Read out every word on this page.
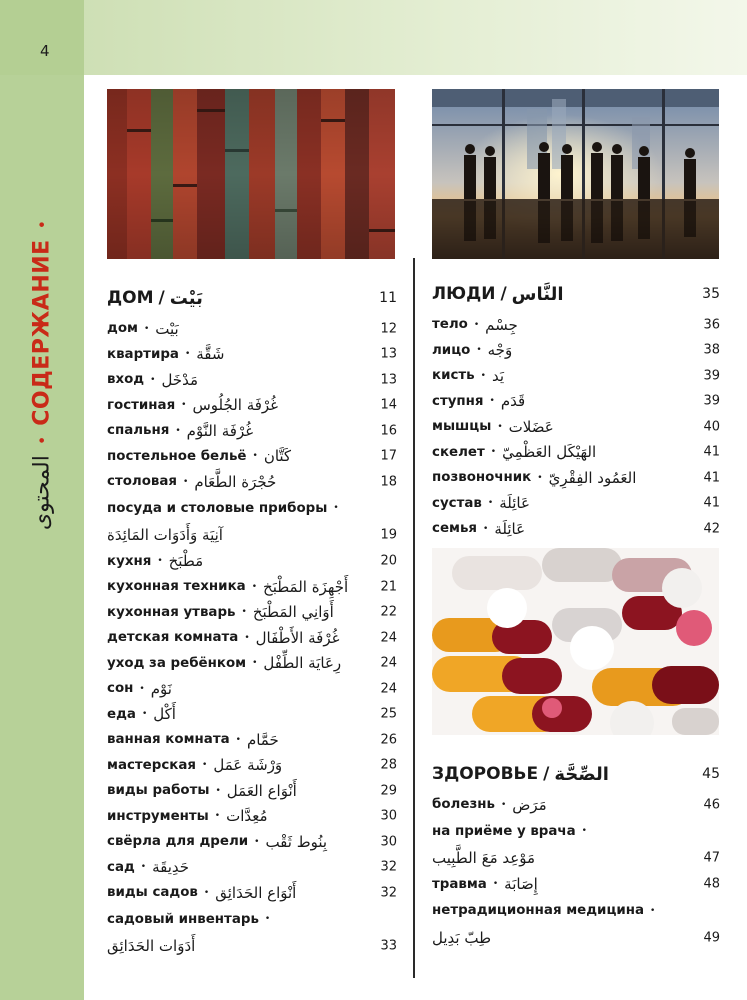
4
المحتوى
•
СОДЕРЖАНИЕ
•
ДОМ / بَيْت	11
дом • بَيْت	12
квартира • شَقَّة	13
вход • مَدْخَل	13
гостиная • غُرْفَة الجُلُوس	14
спальня • غُرْفَة النَّوْم	16
постельное бельё • كَتَّان	17
столовая • حُجْرَة الطَّعَام	18
посуда и столовые приборы •
آنِيَة وَأَدَوَات المَائِدَة	19
кухня • مَطْبَخ	20
кухонная техника • أَجْهِزَة المَطْبَخ 21
кухонная утварь • أَوَانِي المَطْبَخ	22
детская комната • غُرْفَة الأَطْفَال	24
уход за ребёнком • رِعَايَة الطِّفْل	24
сон • نَوْم	24
еда • أَكْل	25
ванная комната • حَمَّام	26
мастерская • وَرْشَة عَمَل	28
виды работы • أَنْوَاع العَمَل	29
инструменты • مُعِدَّات	30
свёрла для дрели • بِنُوط ثَقْب	30
сад • حَدِيقَة	32
виды садов • أَنْوَاع الحَدَائِق	32
садовый инвентарь •
أَدَوَات الحَدَائِق	33
ЛЮДИ / النَّاس	35
тело • جِسْم	36
лицо • وَجْه	38
кисть • يَد	39
ступня • قَدَم	39
мышцы • عَضَلات	40
скелет • الهَيْكَل العَظْمِيّ	41
позвоночник • العَمُود الفِقْرِيّ	41
сустав • عَائِلَة	41
семья • عَائِلَة	42
ЗДОРОВЬЕ / الصِّحَّة	45
болезнь • مَرَض	46
на приёме у врача •
مَوْعِد مَعَ الطَّبِيب	47
травма • إِصَابَة	48
нетрадиционная медицина •
طِبّ بَدِيل	49
